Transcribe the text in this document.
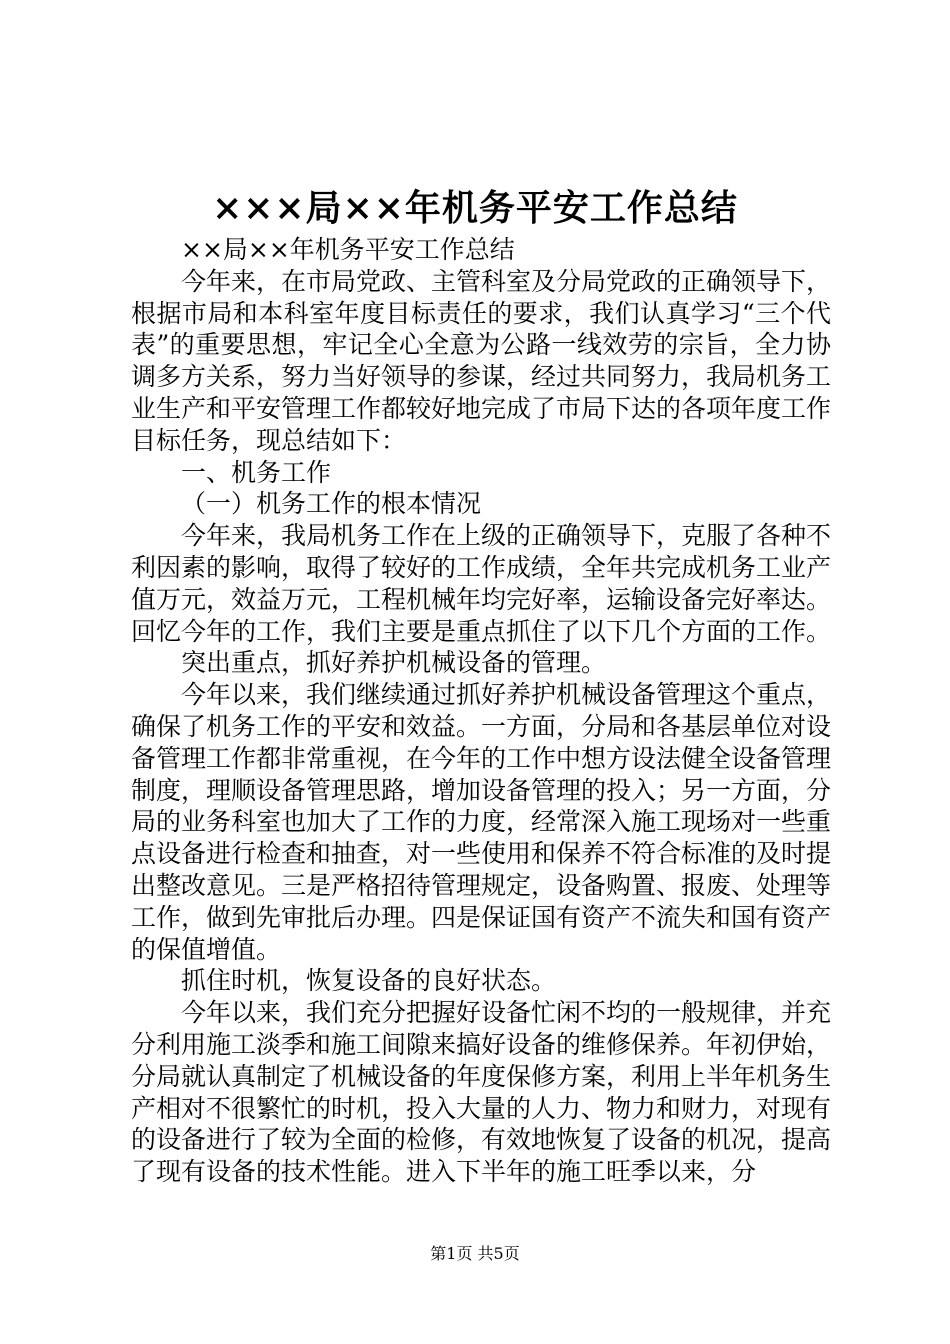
×××局××年机务平安工作总结

××局××年机务平安工作总结

今年来，在市局党政、主管科室及分局党政的正确领导下，根据市局和本科室年度目标责任的要求，我们认真学习“三个代表”的重要思想，牢记全心全意为公路一线效劳的宗旨，全力协调多方关系，努力当好领导的参谋，经过共同努力，我局机务工业生产和平安管理工作都较好地完成了市局下达的各项年度工作目标任务，现总结如下：

一、机务工作

（一）机务工作的根本情况

今年来，我局机务工作在上级的正确领导下，克服了各种不利因素的影响，取得了较好的工作成绩，全年共完成机务工业产值万元，效益万元，工程机械年均完好率，运输设备完好率达。回忆今年的工作，我们主要是重点抓住了以下几个方面的工作。

突出重点，抓好养护机械设备的管理。

今年以来，我们继续通过抓好养护机械设备管理这个重点，确保了机务工作的平安和效益。一方面，分局和各基层单位对设备管理工作都非常重视，在今年的工作中想方设法健全设备管理制度，理顺设备管理思路，增加设备管理的投入；另一方面，分局的业务科室也加大了工作的力度，经常深入施工现场对一些重点设备进行检查和抽查，对一些使用和保养不符合标准的及时提出整改意见。三是严格招待管理规定，设备购置、报废、处理等工作，做到先审批后办理。四是保证国有资产不流失和国有资产的保值增值。

抓住时机，恢复设备的良好状态。

今年以来，我们充分把握好设备忙闲不均的一般规律，并充分利用施工淡季和施工间隙来搞好设备的维修保养。年初伊始，分局就认真制定了机械设备的年度保修方案，利用上半年机务生产相对不很繁忙的时机，投入大量的人力、物力和财力，对现有的设备进行了较为全面的检修，有效地恢复了设备的机况，提高了现有设备的技术性能。进入下半年的施工旺季以来，分

第1页 共5页
